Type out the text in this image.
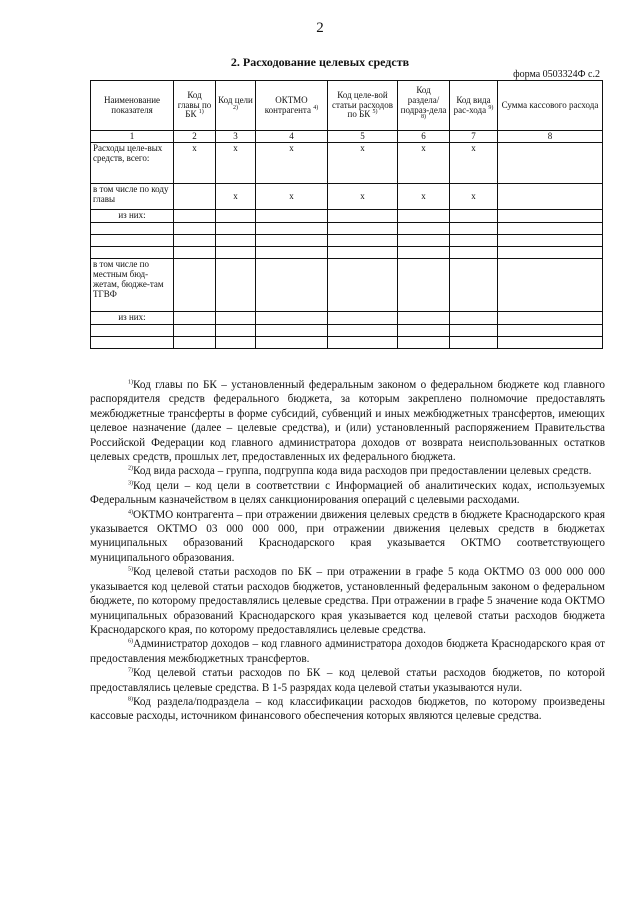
2
2. Расходование целевых средств
форма 0503324Ф с.2
Наименование показателя	Код главы по БК $^{1)}$	Код цели $^{2)}$	ОКТМО контрагента $^{4)}$	Код целе-вой статьи расходов по БК $^{5)}$	Код раздела/ подраз-дела $^{8)}$	Код вида рас-хода $^{9)}$	Сумма кассового расхода
1	2	3	4	5	6	7	8
Расходы целе-вых средств, всего:	x	x	x	x	x	x	
в том числе по коду главы		x	x	x	x	x	
из них:							

в том числе по местным бюд-жетам, бюдже-там ТГВФ							
из них:							

$^{1)}$Код главы по БК – установленный федеральным законом о федеральном бюджете код главного распорядителя средств федерального бюджета, за которым закреплено полномочие предоставлять межбюджетные трансферты в форме субсидий, субвенций и иных межбюджетных трансфертов, имеющих целевое назначение (далее – целевые средства), и (или) установленный распоряжением Правительства Российской Федерации код главного администратора доходов от возврата неиспользованных остатков целевых средств, прошлых лет, предоставленных их федерального бюджета.

$^{2)}$Код вида расхода – группа, подгруппа кода вида расходов при предоставлении целевых средств.

$^{3)}$Код цели – код цели в соответствии с Информацией об аналитических кодах, используемых Федеральным казначейством в целях санкционирования операций с целевыми расходами.

$^{4)}$ОКТМО контрагента – при отражении движения целевых средств в бюджете Краснодарского края указывается ОКТМО 03 000 000 000, при отражении движения целевых средств в бюджетах муниципальных образований Краснодарского края указывается ОКТМО соответствующего муниципального образования.

$^{5)}$Код целевой статьи расходов по БК – при отражении в графе 5 кода ОКТМО 03 000 000 000 указывается код целевой статьи расходов бюджетов, установленный федеральным законом о федеральном бюджете, по которому предоставлялись целевые средства. При отражении в графе 5 значение кода ОКТМО муниципальных образований Краснодарского края указывается код целевой статьи расходов бюджета Краснодарского края, по которому предоставлялись целевые средства.

$^{6)}$Администратор доходов – код главного администратора доходов бюджета Краснодарского края от предоставления межбюджетных трансфертов.

$^{7)}$Код целевой статьи расходов по БК – код целевой статьи расходов бюджетов, по которой предоставлялись целевые средства. В 1-5 разрядах кода целевой статьи указываются нули.

$^{8)}$Код раздела/подраздела – код классификации расходов бюджетов, по которому произведены кассовые расходы, источником финансового обеспечения которых являются целевые средства.
